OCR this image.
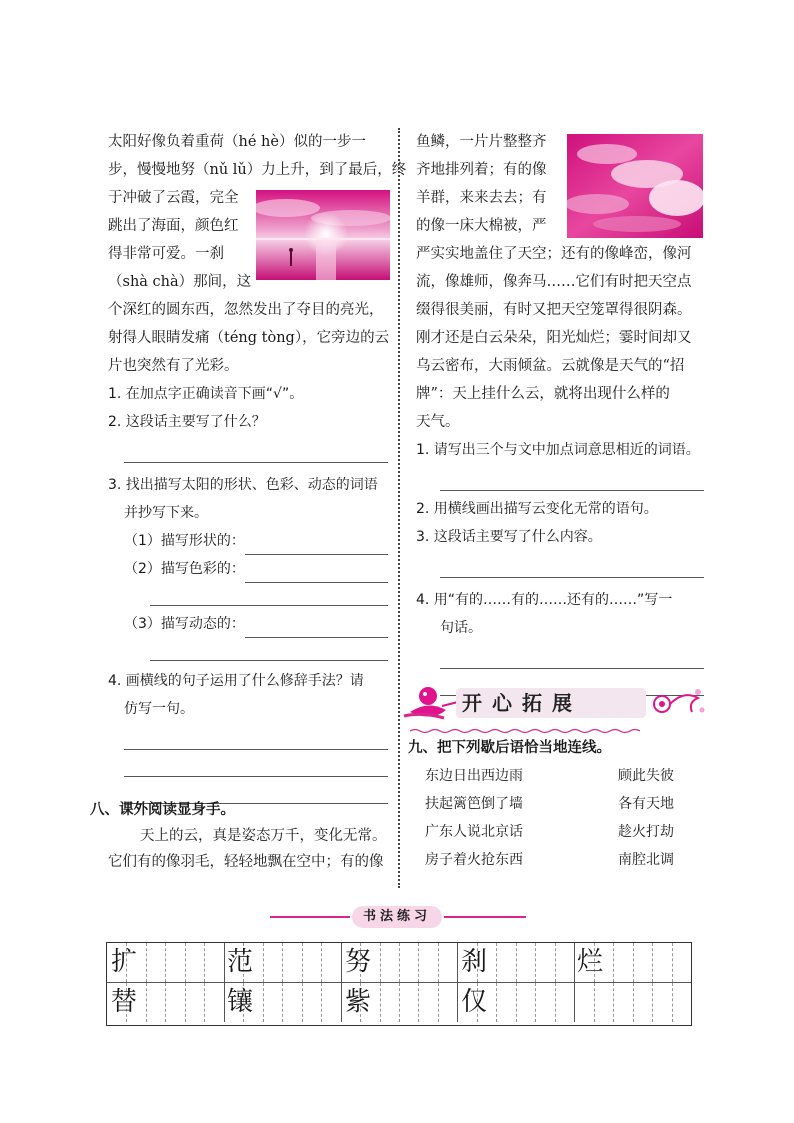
太阳好像负着重荷（hé hè）似的一步一
步，慢慢地努（nǔ lǔ）力上升，到了最后，终
于冲破了云霞，完全
跳出了海面，颜色红
得非常可爱。一刹
（shà chà）那间，这
个深红的圆东西，忽然发出了夺目的亮光，
射得人眼睛发痛（téng tòng），它旁边的云
片也突然有了光彩。
1. 在加点字正确读音下画“√”。
2. 这段话主要写了什么？
3. 找出描写太阳的形状、色彩、动态的词语
并抄写下来。
（1）描写形状的：
（2）描写色彩的：
（3）描写动态的：
4. 画横线的句子运用了什么修辞手法？请
仿写一句。
八、课外阅读显身手。
天上的云，真是姿态万千，变化无常。
它们有的像羽毛，轻轻地飘在空中；有的像
鱼鳞，一片片整整齐
齐地排列着；有的像
羊群，来来去去；有
的像一床大棉被，严
严实实地盖住了天空；还有的像峰峦，像河
流，像雄师，像奔马……它们有时把天空点
缀得很美丽，有时又把天空笼罩得很阴森。
刚才还是白云朵朵，阳光灿烂；霎时间却又
乌云密布，大雨倾盆。云就像是天气的“招
牌”：天上挂什么云，就将出现什么样的
天气。
1. 请写出三个与文中加点词意思相近的词语。
2. 用横线画出描写云变化无常的语句。
3. 这段话主要写了什么内容。
4. 用“有的……有的……还有的……”写一
句话。
开心拓展
九、把下列歇后语恰当地连线。
东边日出西边雨
扶起篱笆倒了墙
广东人说北京话
房子着火抢东西
顾此失彼
各有天地
趁火打劫
南腔北调
书法练习
扩	范	努	刹	烂
替	镶	紫	仅
